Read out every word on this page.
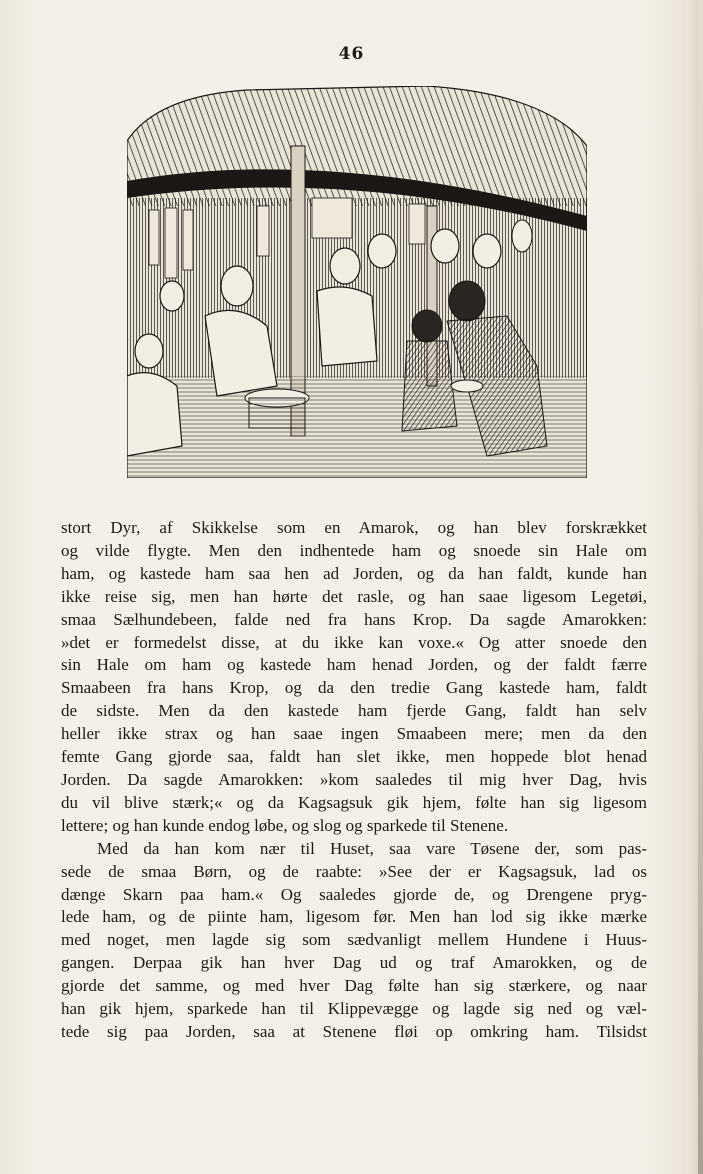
46
stort Dyr, af Skikkelse som en Amarok, og han blev forskrækket
og vilde flygte. Men den indhentede ham og snoede sin Hale om
ham, og kastede ham saa hen ad Jorden, og da han faldt, kunde han
ikke reise sig, men han hørte det rasle, og han saae ligesom Legetøi,
smaa Sælhundebeen, falde ned fra hans Krop. Da sagde Amarokken:
»det er formedelst disse, at du ikke kan voxe.« Og atter snoede den
sin Hale om ham og kastede ham henad Jorden, og der faldt færre
Smaabeen fra hans Krop, og da den tredie Gang kastede ham, faldt
de sidste. Men da den kastede ham fjerde Gang, faldt han selv
heller ikke strax og han saae ingen Smaabeen mere; men da den
femte Gang gjorde saa, faldt han slet ikke, men hoppede blot henad
Jorden. Da sagde Amarokken: »kom saaledes til mig hver Dag, hvis
du vil blive stærk;« og da Kagsagsuk gik hjem, følte han sig ligesom
lettere; og han kunde endog løbe, og slog og sparkede til Stenene.
Med da han kom nær til Huset, saa vare Tøsene der, som pas-
sede de smaa Børn, og de raabte: »See der er Kagsagsuk, lad os
dænge Skarn paa ham.« Og saaledes gjorde de, og Drengene pryg-
lede ham, og de piinte ham, ligesom før. Men han lod sig ikke mærke
med noget, men lagde sig som sædvanligt mellem Hundene i Huus-
gangen. Derpaa gik han hver Dag ud og traf Amarokken, og de
gjorde det samme, og med hver Dag følte han sig stærkere, og naar
han gik hjem, sparkede han til Klippevægge og lagde sig ned og væl-
tede sig paa Jorden, saa at Stenene fløi op omkring ham. Tilsidst
